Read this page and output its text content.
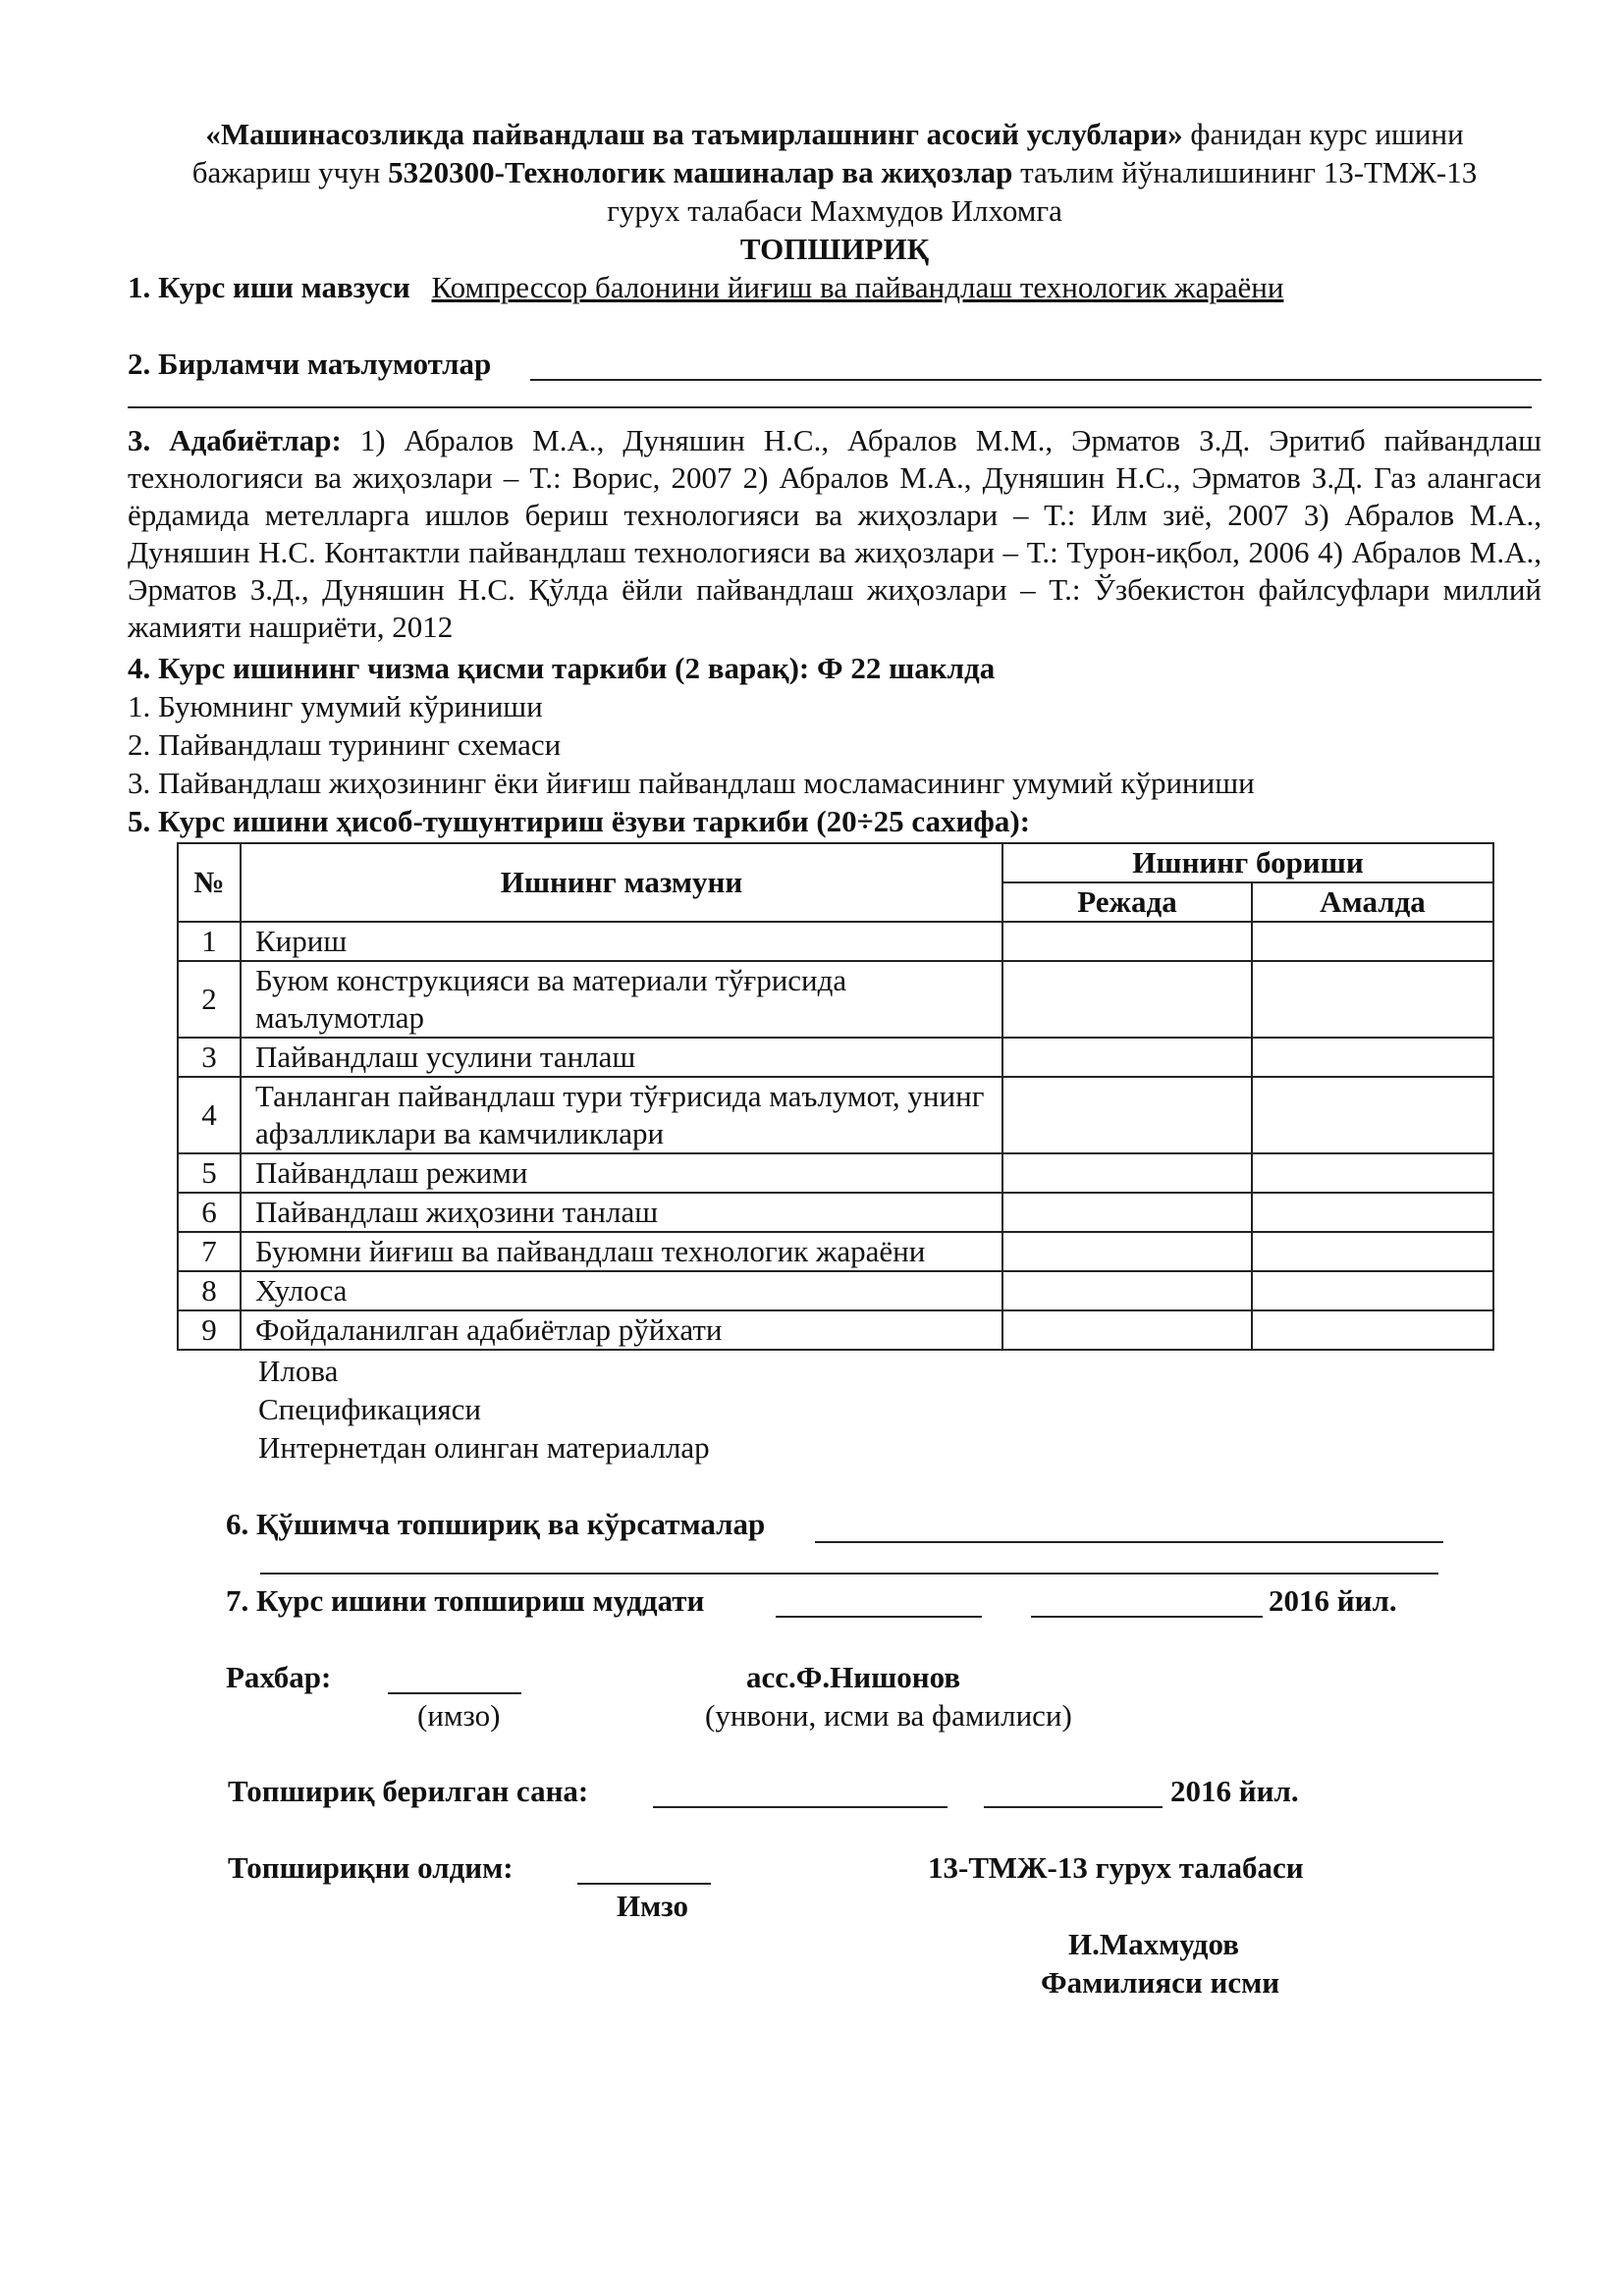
«Машинасозликда пайвандлаш ва таъмирлашнинг асосий услублари» фанидан курс ишини
бажариш учун 5320300-Технологик машиналар ва жиҳозлар таълим йўналишининг 13-ТМЖ-13
гурух талабаси Махмудов Илхомга
ТОПШИРИҚ
1. Курс иши мавзуси Компрессор балонини йиғиш ва пайвандлаш технологик жараёни
2. Бирламчи маълумотлар
3. Адабиётлар: 1) Абралов М.А., Дуняшин Н.С., Абралов М.М., Эрматов З.Д. Эритиб пайвандлаш технологияси ва жиҳозлари – Т.: Ворис, 2007 2) Абралов М.А., Дуняшин Н.С., Эрматов З.Д. Газ алангаси ёрдамида метелларга ишлов бериш технологияси ва жиҳозлари – Т.: Илм зиё, 2007 3) Абралов М.А., Дуняшин Н.С. Контактли пайвандлаш технологияси ва жиҳозлари – Т.: Турон-иқбол, 2006 4) Абралов М.А., Эрматов З.Д., Дуняшин Н.С. Қўлда ёйли пайвандлаш жиҳозлари – Т.: Ўзбекистон файлсуфлари миллий жамияти нашриёти, 2012
4. Курс ишининг чизма қисми таркиби (2 варақ): Ф 22 шаклда
1. Буюмнинг умумий кўриниши
2. Пайвандлаш турининг схемаси
3. Пайвандлаш жиҳозининг ёки йиғиш пайвандлаш мосламасининг умумий кўриниши
5. Курс ишини ҳисоб-тушунтириш ёзуви таркиби (20÷25 сахифа):
№	Ишнинг мазмуни	Ишнинг бориши	
		Режада	Амалда
1	Кириш		
2	Буюм конструкцияси ва материали тўғрисида маълумотлар		
3	Пайвандлаш усулини танлаш		
4	Танланган пайвандлаш тури тўғрисида маълумот, унинг афзалликлари ва камчиликлари		
5	Пайвандлаш режими		
6	Пайвандлаш жиҳозини танлаш		
7	Буюмни йиғиш ва пайвандлаш технологик жараёни		
8	Хулоса		
9	Фойдаланилган адабиётлар рўйхати		
Илова
Спецификацияси
Интернетдан олинган материаллар
6. Қўшимча топшириқ ва кўрсатмалар
7. Курс ишини топшириш муддати	2016 йил.
Рахбар:	асс.Ф.Нишонов
(имзо)	(унвони, исми ва фамилиси)
Топшириқ берилган сана:	2016 йил.
Топшириқни олдим:	13-ТМЖ-13 гурух талабаси
Имзо
И.Махмудов
Фамилияси исми
